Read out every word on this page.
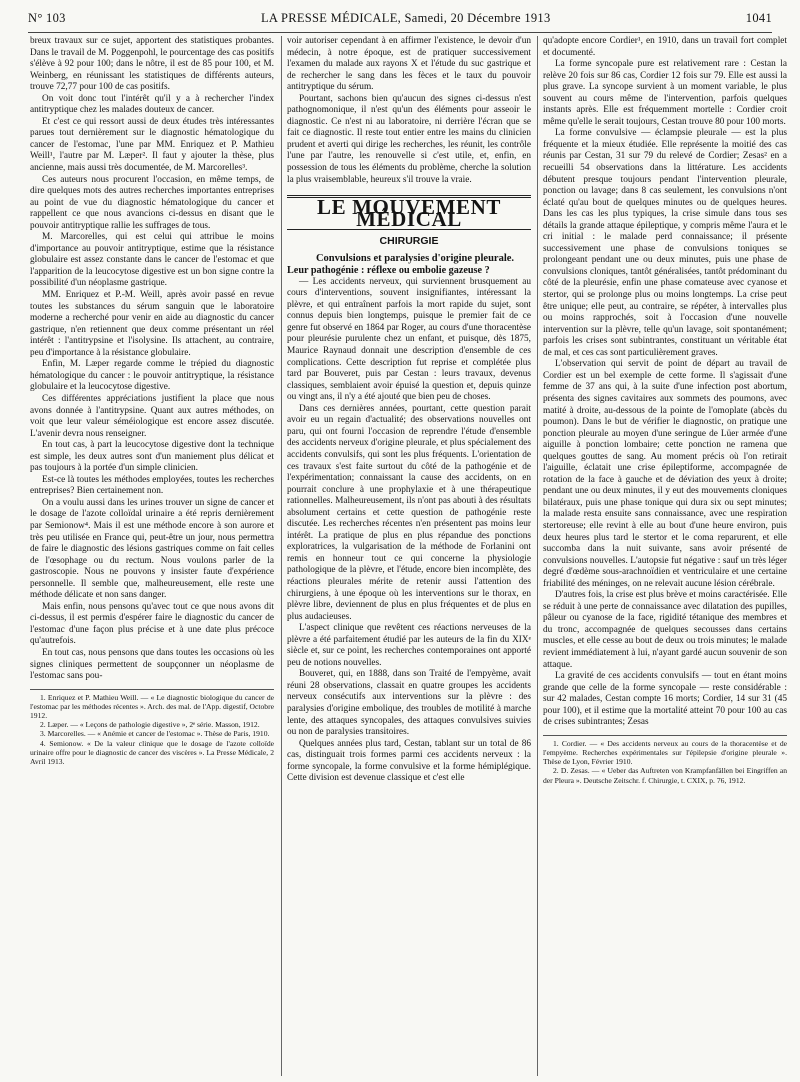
N° 103	LA PRESSE MÉDICALE, Samedi, 20 Décembre 1913	1041

breux travaux sur ce sujet, apportent des statistiques probantes. Dans le travail de M. Poggenpohl, le pourcentage des cas positifs s'élève à 92 pour 100; dans le nôtre, il est de 85 pour 100, et M. Weinberg, en réunissant les statistiques de différents auteurs, trouve 72,77 pour 100 de cas positifs.

On voit donc tout l'intérêt qu'il y a à rechercher l'index antitryptique chez les malades douteux de cancer.

Et c'est ce qui ressort aussi de deux études très intéressantes parues tout dernièrement sur le diagnostic hématologique du cancer de l'estomac, l'une par MM. Enriquez et P. Mathieu Weill¹, l'autre par M. Læper². Il faut y ajouter la thèse, plus ancienne, mais aussi très documentée, de M. Marcorelles³.

Ces auteurs nous procurent l'occasion, en même temps, de dire quelques mots des autres recherches importantes entreprises au point de vue du diagnostic hématologique du cancer et rappellent ce que nous avancions ci-dessus en disant que le pouvoir antitryptique rallie les suffrages de tous.

M. Marcorelles, qui est celui qui attribue le moins d'importance au pouvoir antitryptique, estime que la résistance globulaire est assez constante dans le cancer de l'estomac et que l'apparition de la leucocytose digestive est un bon signe contre la possibilité d'un néoplasme gastrique.

MM. Enriquez et P.-M. Weill, après avoir passé en revue toutes les substances du sérum sanguin que le laboratoire moderne a recherché pour venir en aide au diagnostic du cancer gastrique, n'en retiennent que deux comme présentant un réel intérêt : l'antitrypsine et l'isolysine. Ils attachent, au contraire, peu d'importance à la résistance globulaire.

Enfin, M. Læper regarde comme le trépied du diagnostic hématologique du cancer : le pouvoir antitryptique, la résistance globulaire et la leucocytose digestive.

Ces différentes appréciations justifient la place que nous avons donnée à l'antitrypsine. Quant aux autres méthodes, on voit que leur valeur séméiologique est encore assez discutée. L'avenir devra nous renseigner.

En tout cas, à part la leucocytose digestive dont la technique est simple, les deux autres sont d'un maniement plus délicat et pas toujours à la portée d'un simple clinicien.

Est-ce là toutes les méthodes employées, toutes les recherches entreprises? Bien certainement non.

On a voulu aussi dans les urines trouver un signe de cancer et le dosage de l'azote colloïdal urinaire a été repris dernièrement par Semionow⁴. Mais il est une méthode encore à son aurore et très peu utilisée en France qui, peut-être un jour, nous permettra de faire le diagnostic des lésions gastriques comme on fait celles de l'œsophage ou du rectum. Nous voulons parler de la gastroscopie. Nous ne pouvons y insister faute d'expérience personnelle. Il semble que, malheureusement, elle reste une méthode délicate et non sans danger.

Mais enfin, nous pensons qu'avec tout ce que nous avons dit ci-dessus, il est permis d'espérer faire le diagnostic du cancer de l'estomac d'une façon plus précise et à une date plus précoce qu'autrefois.

En tout cas, nous pensons que dans toutes les occasions où les signes cliniques permettent de soupçonner un néoplasme de l'estomac sans pou-

1. Enriquez et P. Mathieu Weill. — « Le diagnostic biologique du cancer de l'estomac par les méthodes récentes ». Arch. des mal. de l'App. digestif, Octobre 1912.

2. Læper. — « Leçons de pathologie digestive », 2ᵉ série. Masson, 1912.

3. Marcorelles. — « Anémie et cancer de l'estomac ». Thèse de Paris, 1910.

4. Semionow. « De la valeur clinique que le dosage de l'azote colloïde urinaire offre pour le diagnostic de cancer des viscères ». La Presse Médicale, 2 Avril 1913.

voir autoriser cependant à en affirmer l'existence, le devoir d'un médecin, à notre époque, est de pratiquer successivement l'examen du malade aux rayons X et l'étude du suc gastrique et de rechercher le sang dans les fèces et le taux du pouvoir antitryptique du sérum.

Pourtant, sachons bien qu'aucun des signes ci-dessus n'est pathognomonique, il n'est qu'un des éléments pour asseoir le diagnostic. Ce n'est ni au laboratoire, ni derrière l'écran que se fait ce diagnostic. Il reste tout entier entre les mains du clinicien prudent et averti qui dirige les recherches, les réunit, les contrôle l'une par l'autre, les renouvelle si c'est utile, et, enfin, en possession de tous les éléments du problème, cherche la solution la plus vraisemblable, heureux s'il trouve la vraie.

LE MOUVEMENT MÉDICAL
CHIRURGIE

Convulsions et paralysies d'origine pleurale.

Leur pathogénie : réflexe ou embolie gazeuse ?

— Les accidents nerveux, qui surviennent brusquement au cours d'interventions, souvent insignifiantes, intéressant la plèvre, et qui entraînent parfois la mort rapide du sujet, sont connus depuis bien longtemps, puisque le premier fait de ce genre fut observé en 1864 par Roger, au cours d'une thoracentèse pour pleurésie purulente chez un enfant, et puisque, dès 1875, Maurice Raynaud donnait une description d'ensemble de ces complications. Cette description fut reprise et complétée plus tard par Bouveret, puis par Cestan : leurs travaux, devenus classiques, semblaient avoir épuisé la question et, depuis quinze ou vingt ans, il n'y a été ajouté que bien peu de choses.

Dans ces dernières années, pourtant, cette question parait avoir eu un regain d'actualité; des observations nouvelles ont paru, qui ont fourni l'occasion de reprendre l'étude d'ensemble des accidents nerveux d'origine pleurale, et plus spécialement des accidents convulsifs, qui sont les plus fréquents. L'orientation de ces travaux s'est faite surtout du côté de la pathogénie et de l'expérimentation; connaissant la cause des accidents, on en pourrait conclure à une prophylaxie et à une thérapeutique rationnelles. Malheureusement, ils n'ont pas abouti à des résultats absolument certains et cette question de pathogénie reste discutée. Les recherches récentes n'en présentent pas moins leur intérêt. La pratique de plus en plus répandue des ponctions exploratrices, la vulgarisation de la méthode de Forlanini ont remis en honneur tout ce qui concerne la physiologie pathologique de la plèvre, et l'étude, encore bien incomplète, des réactions pleurales mérite de retenir aussi l'attention des chirurgiens, à une époque où les interventions sur le thorax, en plèvre libre, deviennent de plus en plus fréquentes et de plus en plus audacieuses.

L'aspect clinique que revêtent ces réactions nerveuses de la plèvre a été parfaitement étudié par les auteurs de la fin du XIXᵉ siècle et, sur ce point, les recherches contemporaines ont apporté peu de notions nouvelles.

Bouveret, qui, en 1888, dans son Traité de l'empyème, avait réuni 28 observations, classait en quatre groupes les accidents nerveux consécutifs aux interventions sur la plèvre : des paralysies d'origine embolique, des troubles de motilité à marche lente, des attaques syncopales, des attaques convulsives suivies ou non de paralysies transitoires.

Quelques années plus tard, Cestan, tablant sur un total de 86 cas, distinguait trois formes parmi ces accidents nerveux : la forme syncopale, la forme convulsive et la forme hémiplégique. Cette division est devenue classique et c'est elle

qu'adopte encore Cordier¹, en 1910, dans un travail fort complet et documenté.

La forme syncopale pure est relativement rare : Cestan la relève 20 fois sur 86 cas, Cordier 12 fois sur 79. Elle est aussi la plus grave. La syncope survient à un moment variable, le plus souvent au cours même de l'intervention, parfois quelques instants après. Elle est fréquemment mortelle : Cordier croit même qu'elle le serait toujours, Cestan trouve 80 pour 100 morts.

La forme convulsive — éclampsie pleurale — est la plus fréquente et la mieux étudiée. Elle représente la moitié des cas réunis par Cestan, 31 sur 79 du relevé de Cordier; Zesas² en a recueilli 54 observations dans la littérature. Les accidents débutent presque toujours pendant l'intervention pleurale, ponction ou lavage; dans 8 cas seulement, les convulsions n'ont éclaté qu'au bout de quelques minutes ou de quelques heures. Dans les cas les plus typiques, la crise simule dans tous ses détails la grande attaque épileptique, y compris même l'aura et le cri initial : le malade perd connaissance; il présente successivement une phase de convulsions toniques se prolongeant pendant une ou deux minutes, puis une phase de convulsions cloniques, tantôt généralisées, tantôt prédominant du côté de la pleurésie, enfin une phase comateuse avec cyanose et stertor, qui se prolonge plus ou moins longtemps. La crise peut être unique; elle peut, au contraire, se répéter, à intervalles plus ou moins rapprochés, soit à l'occasion d'une nouvelle intervention sur la plèvre, telle qu'un lavage, soit spontanément; parfois les crises sont subintrantes, constituant un véritable état de mal, et ces cas sont particulièrement graves.

L'observation qui servit de point de départ au travail de Cordier est un bel exemple de cette forme. Il s'agissait d'une femme de 37 ans qui, à la suite d'une infection post abortum, présenta des signes cavitaires aux sommets des poumons, avec matité à droite, au-dessous de la pointe de l'omoplate (abcès du poumon). Dans le but de vérifier le diagnostic, on pratique une ponction pleurale au moyen d'une seringue de Lüer armée d'une aiguille à ponction lombaire; cette ponction ne ramena que quelques gouttes de sang. Au moment précis où l'on retirait l'aiguille, éclatait une crise épileptiforme, accompagnée de rotation de la face à gauche et de déviation des yeux à droite; pendant une ou deux minutes, il y eut des mouvements cloniques bilatéraux, puis une phase tonique qui dura six ou sept minutes; la malade resta ensuite sans connaissance, avec une respiration stertoreuse; elle revint à elle au bout d'une heure environ, puis deux heures plus tard le stertor et le coma reparurent, et elle succomba dans la nuit suivante, sans avoir présenté de convulsions nouvelles. L'autopsie fut négative : sauf un très léger degré d'œdème sous-arachnoïdien et ventriculaire et une certaine friabilité des méninges, on ne relevait aucune lésion cérébrale.

D'autres fois, la crise est plus brève et moins caractérisée. Elle se réduit à une perte de connaissance avec dilatation des pupilles, pâleur ou cyanose de la face, rigidité tétanique des membres et du tronc, accompagnée de quelques secousses dans certains muscles, et elle cesse au bout de deux ou trois minutes; le malade revient immédiatement à lui, n'ayant gardé aucun souvenir de son attaque.

La gravité de ces accidents convulsifs — tout en étant moins grande que celle de la forme syncopale — reste considérable : sur 42 malades, Cestan compte 16 morts; Cordier, 14 sur 31 (45 pour 100), et il estime que la mortalité atteint 70 pour 100 au cas de crises subintrantes; Zesas

1. Cordier. — « Des accidents nerveux au cours de la thoracentèse et de l'empyème. Recherches expérimentales sur l'épilepsie d'origine pleurale ». Thèse de Lyon, Février 1910.

2. D. Zesas. — « Ueber das Auftreten von Krampfanfällen bei Eingriffen an der Pleura ». Deutsche Zeitschr. f. Chirurgie, t. CXIX, p. 76, 1912.
